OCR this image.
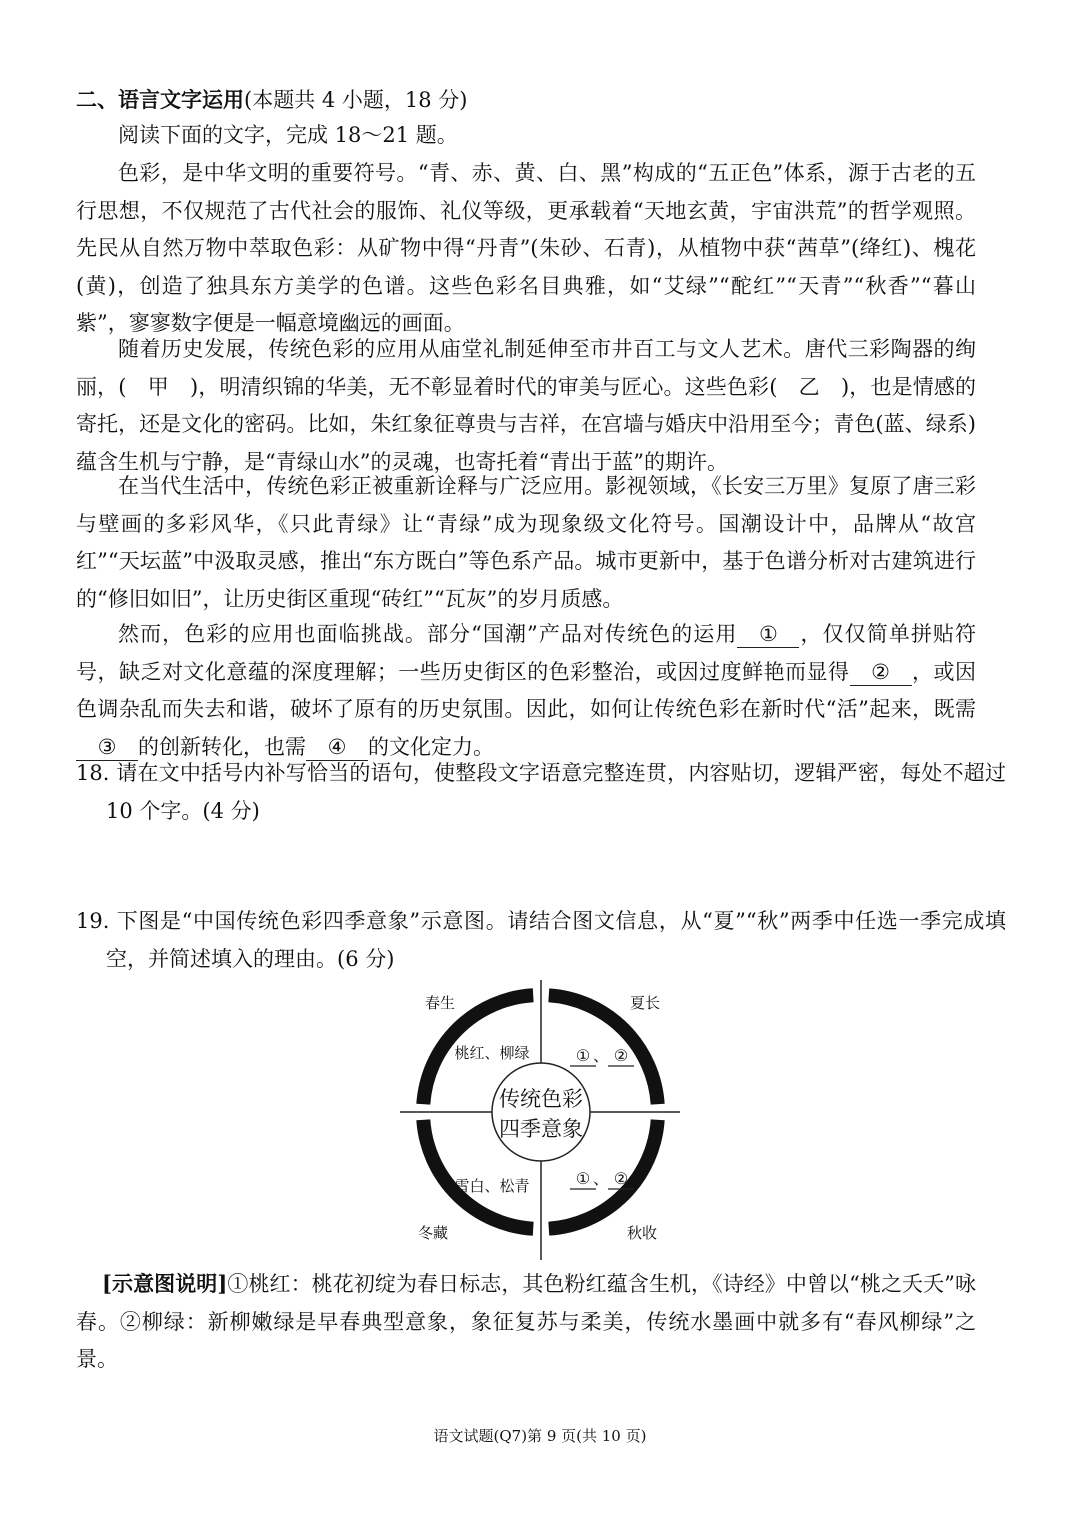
二、语言文字运用(本题共 4 小题，18 分)

阅读下面的文字，完成 18～21 题。

色彩，是中华文明的重要符号。“青、赤、黄、白、黑”构成的“五正色”体系，源于古老的五行思想，不仅规范了古代社会的服饰、礼仪等级，更承载着“天地玄黄，宇宙洪荒”的哲学观照。先民从自然万物中萃取色彩：从矿物中得“丹青”(朱砂、石青)，从植物中获“茜草”(绛红)、槐花(黄)，创造了独具东方美学的色谱。这些色彩名目典雅，如“艾绿”“酡红”“天青”“秋香”“暮山紫”，寥寥数字便是一幅意境幽远的画面。

随着历史发展，传统色彩的应用从庙堂礼制延伸至市井百工与文人艺术。唐代三彩陶器的绚丽，(　甲　)，明清织锦的华美，无不彰显着时代的审美与匠心。这些色彩(　乙　)，也是情感的寄托，还是文化的密码。比如，朱红象征尊贵与吉祥，在宫墙与婚庆中沿用至今；青色(蓝、绿系)蕴含生机与宁静，是“青绿山水”的灵魂，也寄托着“青出于蓝”的期许。

在当代生活中，传统色彩正被重新诠释与广泛应用。影视领域，《长安三万里》复原了唐三彩与壁画的多彩风华，《只此青绿》让“青绿”成为现象级文化符号。国潮设计中，品牌从“故宫红”“天坛蓝”中汲取灵感，推出“东方既白”等色系产品。城市更新中，基于色谱分析对古建筑进行的“修旧如旧”，让历史街区重现“砖红”“瓦灰”的岁月质感。

然而，色彩的应用也面临挑战。部分“国潮”产品对传统色的运用 ① ，仅仅简单拼贴符号，缺乏对文化意蕴的深度理解；一些历史街区的色彩整治，或因过度鲜艳而显得 ② ，或因色调杂乱而失去和谐，破坏了原有的历史氛围。因此，如何让传统色彩在新时代“活”起来，既需③ 的创新转化，也需 ④ 的文化定力。

18. 请在文中括号内补写恰当的语句，使整段文字语意完整连贯，内容贴切，逻辑严密，每处不超过 10 个字。(4 分)

19. 下图是“中国传统色彩四季意象”示意图。请结合图文信息，从“夏”“秋”两季中任选一季完成填空，并简述填入的理由。(6 分)

传统色彩
四季意象
春生	夏长
秋收
冬藏
桃红、柳绿
雪白、松青
① 、 ②
① 、 ②

[示意图说明]①桃红：桃花初绽为春日标志，其色粉红蕴含生机，《诗经》中曾以“桃之夭夭”咏春。②柳绿：新柳嫩绿是早春典型意象，象征复苏与柔美，传统水墨画中就多有“春风柳绿”之景。

语文试题(Q7)第 9 页(共 10 页)
